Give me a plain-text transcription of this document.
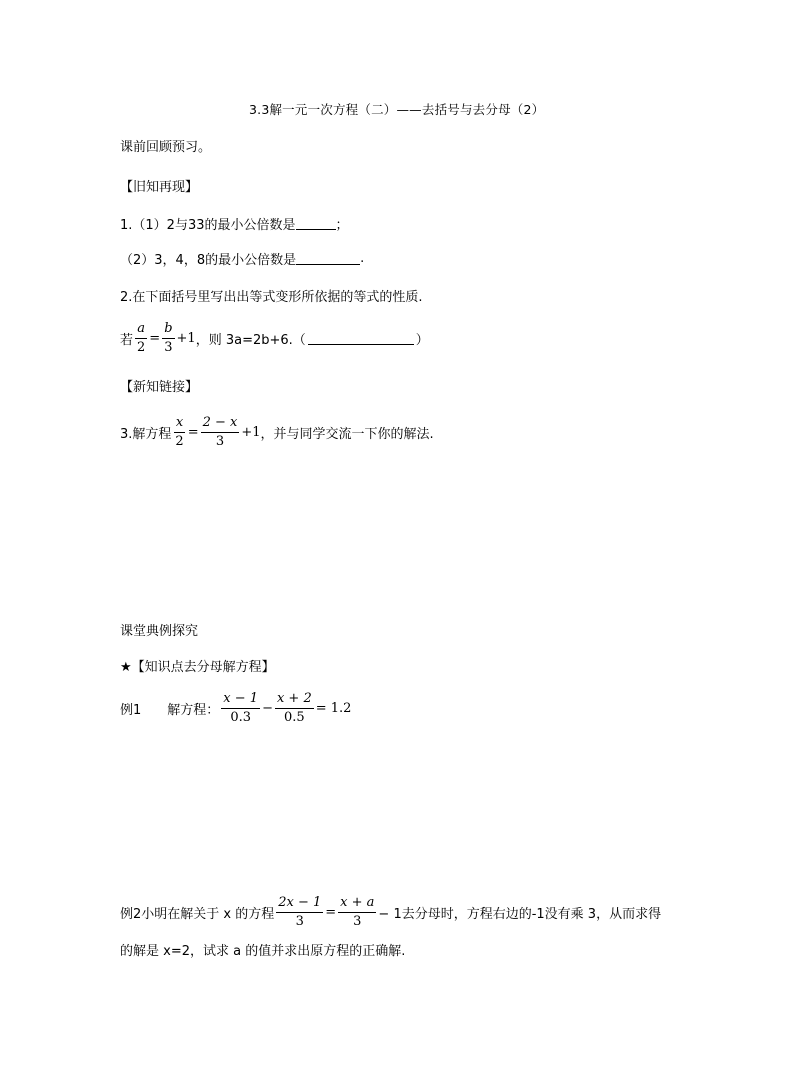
3.3解一元一次方程（二）——去括号与去分母（2）
课前回顾预习。
【旧知再现】
1.（1）2与33的最小公倍数是	；
（2）3，4，8的最小公倍数是	.
2.在下面括号里写出出等式变形所依据的等式的性质.
若 $\frac{a}{2} = \frac{b}{3} +1$ ，则 3a=2b+6.（	）
【新知链接】
3.解方程 $\frac{x}{2} = \frac{2 - x}{3} +1$ ，并与同学交流一下你的解法.
课堂典例探究
★【知识点去分母解方程】
例1 解方程： $\frac{x - 1}{0.3} - \frac{x + 2}{0.5} = 1.2$
例2小明在解关于 x 的方程 $\frac{2x - 1}{3} = \frac{x + a}{3} - 1$去分母时，方程右边的-1没有乘 3，从而求得
的解是 x=2，试求 a 的值并求出原方程的正确解.
